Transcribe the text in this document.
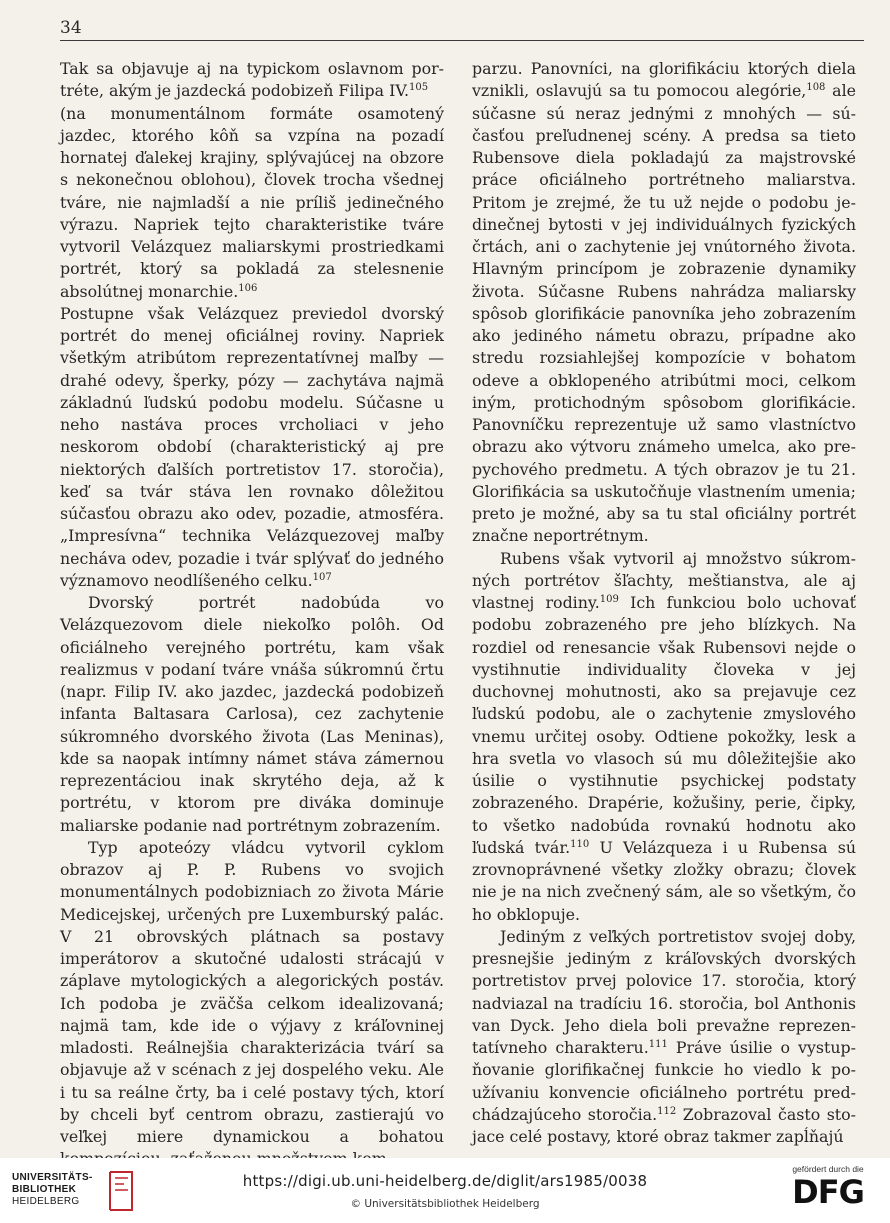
34

Tak sa objavuje aj na typickom oslavnom portréte, akým je jazdecká podobizeň Filipa IV.$^{105}$

(na monumentálnom formáte osamotený jazdec, ktorého kôň sa vzpína na pozadí hornatej ďalekej krajiny, splývajúcej na obzore s nekonečnou oblohou), človek trocha všednej tváre, nie najmladší a nie príliš jedinečného výrazu. Napriek tejto charakteristike tváre vytvoril Velázquez maliarskymi prostriedkami portrét, ktorý sa pokladá za stelesnenie absolútnej monarchie.$^{106}$

Postupne však Velázquez previedol dvorský portrét do menej oficiálnej roviny. Napriek všetkým atribútom reprezentatívnej maľby — drahé odevy, šperky, pózy — zachytáva najmä základnú ľudskú podobu modelu. Súčasne u neho nastáva proces vrcholiaci v jeho neskorom období (charakteristický aj pre niektorých ďalších portretistov 17. storočia), keď sa tvár stáva len rovnako dôležitou súčasťou obrazu ako odev, pozadie, atmosféra. „Impresívna“ technika Velázquezovej maľby necháva odev, pozadie i tvár splývať do jedného významovo neodlíšeného celku.$^{107}$

Dvorský portrét nadobúda vo Velázquezovom diele niekoľko polôh. Od oficiálneho verejného portrétu, kam však realizmus v podaní tváre vnáša súkromnú črtu (napr. Filip IV. ako jazdec, jazdecká podobizeň infanta Baltasara Carlosa), cez zachytenie súkromného dvorského života (Las Meninas), kde sa naopak intímny námet stáva zámernou reprezentáciou inak skrytého deja, až k portrétu, v ktorom pre diváka dominuje maliarske podanie nad portrétnym zobrazením.

Typ apoteózy vládcu vytvoril cyklom obrazov aj P. P. Rubens vo svojich monumentálnych podobizniach zo života Márie Medicejskej, určených pre Luxemburský palác. V 21 obrovských plátnach sa postavy imperátorov a skutočné udalosti strácajú v záplave mytologických a alegorických postáv. Ich podoba je zväčša celkom idealizovaná; najmä tam, kde ide o výjavy z kráľovninej mladosti. Reálnejšia charakterizácia tvárí sa objavuje až v scénach z jej dospelého veku. Ale i tu sa reálne črty, ba i celé postavy tých, ktorí by chceli byť centrom obrazu, zastierajú vo veľkej miere dynamickou a bohatou

parzu. Panovníci, na glorifikáciu ktorých diela vznikli, oslavujú sa tu pomocou alegórie,$^{108}$ ale súčasne sú neraz jednými z mnohých — súčasťou preľudnenej scény. A predsa sa tieto Rubensove diela pokladajú za majstrovské práce oficiálneho portrétneho maliarstva. Pritom je zrejmé, že tu už nejde o podobu jedinečnej bytosti v jej individuálnych fyzických črtách, ani o zachytenie jej vnútorného života. Hlavným princípom je zobrazenie dynamiky života. Súčasne Rubens nahrádza maliarsky spôsob glorifikácie panovníka jeho zobrazením ako jediného námetu obrazu, prípadne ako stredu rozsiahlejšej kompozície v bohatom odeve a obklopeného atribútmi moci, celkom iným, protichodným spôsobom glorifikácie. Panovníčku reprezentuje už samo vlastníctvo obrazu ako výtvoru známeho umelca, ako prepychového predmetu. A tých obrazov je tu 21. Glorifikácia sa uskutočňuje vlastnením umenia; preto je možné, aby sa tu stal oficiálny portrét značne neportrétnym.

Rubens však vytvoril aj množstvo súkromných portrétov šľachty, meštianstva, ale aj vlastnej rodiny.$^{109}$ Ich funkciou bolo uchovať podobu zobrazeného pre jeho blízkych. Na rozdiel od renesancie však Rubensovi nejde o vystihnutie individuality človeka v jej duchovnej mohutnosti, ako sa prejavuje cez ľudskú podobu, ale o zachytenie zmyslového vnemu určitej osoby. Odtiene pokožky, lesk a hra svetla vo vlasoch sú mu dôležitejšie ako úsilie o vystihnutie psychickej podstaty zobrazeného. Drapérie, kožušiny, perie, čipky, to všetko nadobúda rovnakú hodnotu ako ľudská tvár.$^{110}$ U Velázqueza i u Rubensa sú zrovnoprávnené všetky zložky obrazu; človek nie je na nich zvečnený sám, ale so všetkým, čo ho obklopuje.

Jediným z veľkých portretistov svojej doby, presnejšie jediným z kráľovských dvorských portretistov prvej polovice 17. storočia, ktorý nadviazal na tradíciu 16. storočia, bol Anthonis van Dyck. Jeho diela boli prevažne reprezentatívneho charakteru.$^{111}$ Práve úsilie o vystupňovanie glorifikačnej funkcie ho viedlo k používaniu konvencie oficiálneho portrétu predchádzajúceho storočia.$^{112}$ Zobrazoval často stojace celé postavy, ktoré obraz takmer zapĺňajú

UNIVERSITÄTS-
BIBLIOTHEK
HEIDELBERG
https://digi.ub.uni-heidelberg.de/diglit/ars1985/0038
© Universitätsbibliothek Heidelberg
gefördert durch die
DFG
